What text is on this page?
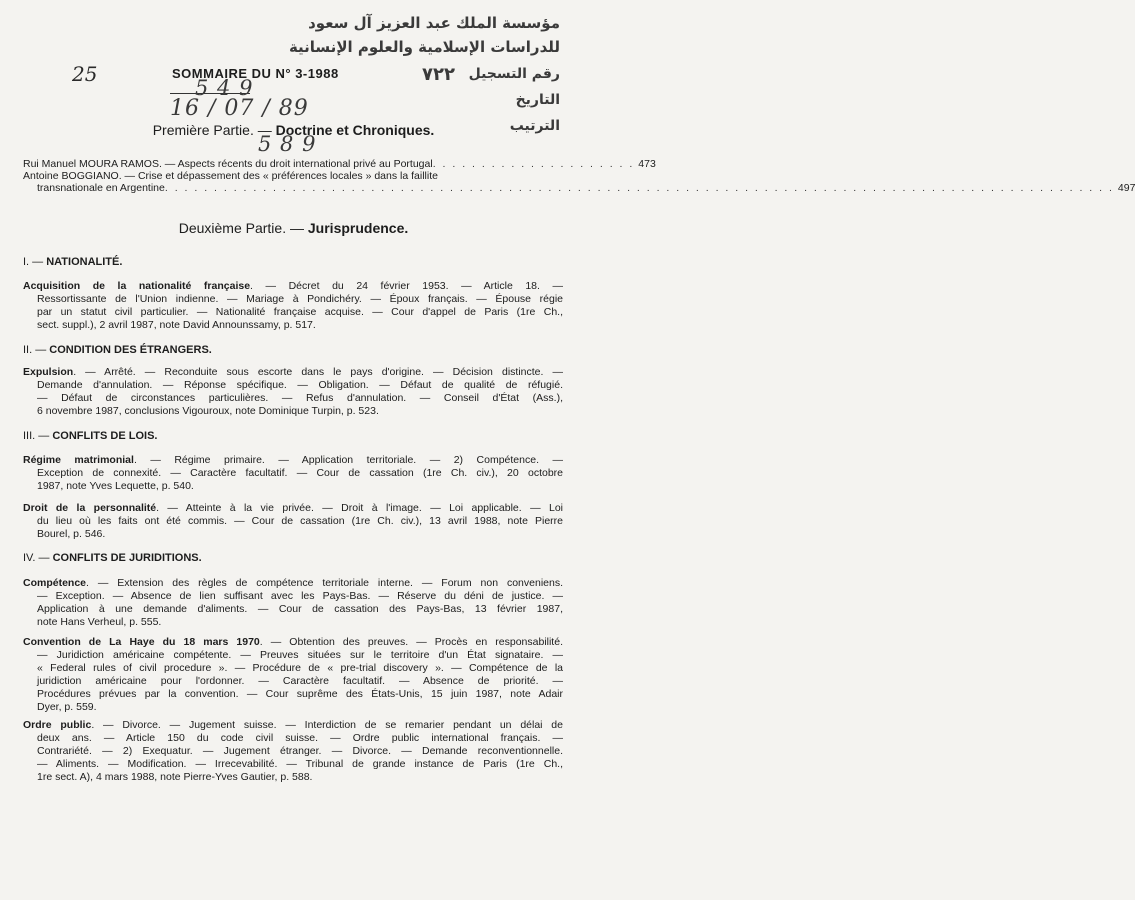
25
مؤسسة الملك عبد العزيز آل سعود
للدراسات الإسلامية والعلوم الإنسانية
٧٢٢ رقم التسجيل
التاريخ
الترتيب
SOMMAIRE DU N° 3-1988
5 4 9
16 / 07 / 89
5 8 9
Première Partie. — Doctrine et Chroniques.
Rui Manuel MOURA RAMOS. — Aspects récents du droit international privé au Portugal . . . . . . . . . . . . . . . . . . . . . 473
Antoine BOGGIANO. — Crise et dépassement des « préférences locales » dans la faillite
transnationale en Argentine . . . . . . . . . . . . . . . . . . . . . . . . . . . . . . . . . . . . . . . . . . . . . . . . . . . . . . . . . . . . . . . . . . . . . . . . . . . . . . . . . . . . . . . . . . . . . . . . . 497
Deuxième Partie. — Jurisprudence.
I. — NATIONALITÉ.
Acquisition de la nationalité française. — Décret du 24 février 1953. — Article 18. —
Ressortissante de l'Union indienne. — Mariage à Pondichéry. — Époux français. — Épouse régie
par un statut civil particulier. — Nationalité française acquise. — Cour d'appel de Paris (1re Ch.,
sect. suppl.), 2 avril 1987, note David Announssamy, p. 517.
II. — CONDITION DES ÉTRANGERS.
Expulsion. — Arrêté. — Reconduite sous escorte dans le pays d'origine. — Décision distincte. —
Demande d'annulation. — Réponse spécifique. — Obligation. — Défaut de qualité de réfugié.
— Défaut de circonstances particulières. — Refus d'annulation. — Conseil d'État (Ass.),
6 novembre 1987, conclusions Vigouroux, note Dominique Turpin, p. 523.
III. — CONFLITS DE LOIS.
Régime matrimonial. — Régime primaire. — Application territoriale. — 2) Compétence. —
Exception de connexité. — Caractère facultatif. — Cour de cassation (1re Ch. civ.), 20 octobre
1987, note Yves Lequette, p. 540.
Droit de la personnalité. — Atteinte à la vie privée. — Droit à l'image. — Loi applicable. — Loi
du lieu où les faits ont été commis. — Cour de cassation (1re Ch. civ.), 13 avril 1988, note Pierre
Bourel, p. 546.
IV. — CONFLITS DE JURIDITIONS.
Compétence. — Extension des règles de compétence territoriale interne. — Forum non conveniens.
— Exception. — Absence de lien suffisant avec les Pays-Bas. — Réserve du déni de justice. —
Application à une demande d'aliments. — Cour de cassation des Pays-Bas, 13 février 1987,
note Hans Verheul, p. 555.
Convention de La Haye du 18 mars 1970. — Obtention des preuves. — Procès en responsabilité.
— Juridiction américaine compétente. — Preuves situées sur le territoire d'un État signataire. —
« Federal rules of civil procedure ». — Procédure de « pre-trial discovery ». — Compétence de la
juridiction américaine pour l'ordonner. — Caractère facultatif. — Absence de priorité. —
Procédures prévues par la convention. — Cour suprême des États-Unis, 15 juin 1987, note Adair
Dyer, p. 559.
Ordre public. — Divorce. — Jugement suisse. — Interdiction de se remarier pendant un délai de
deux ans. — Article 150 du code civil suisse. — Ordre public international français. —
Contrariété. — 2) Exequatur. — Jugement étranger. — Divorce. — Demande reconventionnelle.
— Aliments. — Modification. — Irrecevabilité. — Tribunal de grande instance de Paris (1re Ch.,
1re sect. A), 4 mars 1988, note Pierre-Yves Gautier, p. 588.
